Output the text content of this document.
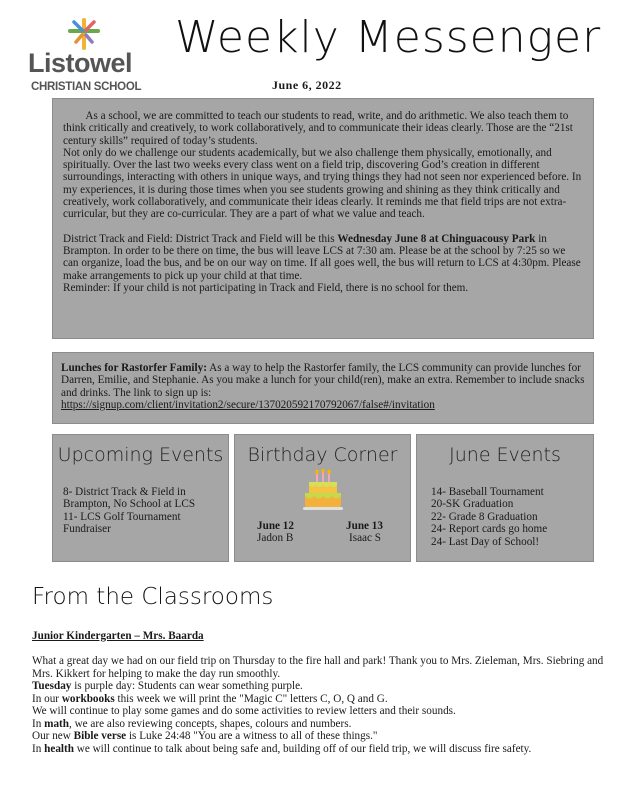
Listowel
CHRISTIAN SCHOOL
Weekly Messenger
June 6, 2022

As a school, we are committed to teach our students to read, write, and do arithmetic. We also teach them to think critically and creatively, to work collaboratively, and to communicate their ideas clearly. Those are the “21st century skills” required of today’s students.

Not only do we challenge our students academically, but we also challenge them physically, emotionally, and spiritually. Over the last two weeks every class went on a field trip, discovering God’s creation in different surroundings, interacting with others in unique ways, and trying things they had not seen nor experienced before. In my experiences, it is during those times when you see students growing and shining as they think critically and creatively, work collaboratively, and communicate their ideas clearly. It reminds me that field trips are not extra-curricular, but they are co-curricular. They are a part of what we value and teach.

District Track and Field: District Track and Field will be this Wednesday June 8 at Chinguacousy Park in Brampton. In order to be there on time, the bus will leave LCS at 7:30 am. Please be at the school by 7:25 so we can organize, load the bus, and be on our way on time. If all goes well, the bus will return to LCS at 4:30pm. Please make arrangements to pick up your child at that time.

Reminder: If your child is not participating in Track and Field, there is no school for them.

Lunches for Rastorfer Family: As a way to help the Rastorfer family, the LCS community can provide lunches for Darren, Emilie, and Stephanie. As you make a lunch for your child(ren), make an extra. Remember to include snacks and drinks. The link to sign up is:
https://signup.com/client/invitation2/secure/137020592170792067/false#/invitation
Upcoming Events
8- District Track & Field in Brampton, No School at LCS
11- LCS Golf Tournament Fundraiser
Birthday Corner
June 12
Jadon B
June 13
Isaac S
June Events
14- Baseball Tournament
20-SK Graduation
22- Grade 8 Graduation
24- Report cards go home
24- Last Day of School!
From the Classrooms
Junior Kindergarten – Mrs. Baarda

What a great day we had on our field trip on Thursday to the fire hall and park! Thank you to Mrs. Zieleman, Mrs. Siebring and Mrs. Kikkert for helping to make the day run smoothly.

Tuesday is purple day: Students can wear something purple.

In our workbooks this week we will print the "Magic C" letters C, O, Q and G.

We will continue to play some games and do some activities to review letters and their sounds.

In math, we are also reviewing concepts, shapes, colours and numbers.

Our new Bible verse is Luke 24:48 "You are a witness to all of these things."

In health we will continue to talk about being safe and, building off of our field trip, we will discuss fire safety.
